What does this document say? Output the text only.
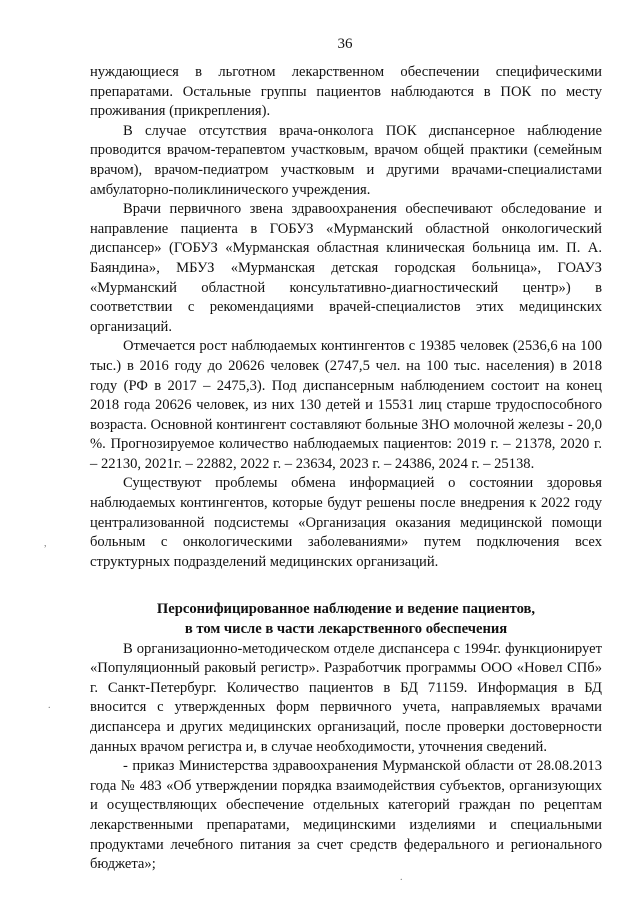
36

нуждающиеся в льготном лекарственном обеспечении специфическими препаратами. Остальные группы пациентов наблюдаются в ПОК по месту проживания (прикрепления).

В случае отсутствия врача-онколога ПОК диспансерное наблюдение проводится врачом-терапевтом участковым, врачом общей практики (семейным врачом), врачом-педиатром участковым и другими врачами-специалистами амбулаторно-поликлинического учреждения.

Врачи первичного звена здравоохранения обеспечивают обследование и направление пациента в ГОБУЗ «Мурманский областной онкологический диспансер» (ГОБУЗ «Мурманская областная клиническая больница им. П. А. Баяндина», МБУЗ «Мурманская детская городская больница», ГОАУЗ «Мурманский областной консультативно-диагностический центр») в соответствии с рекомендациями врачей-специалистов этих медицинских организаций.

Отмечается рост наблюдаемых контингентов с 19385 человек (2536,6 на 100 тыс.) в 2016 году до 20626 человек (2747,5 чел. на 100 тыс. населения) в 2018 году (РФ в 2017 – 2475,3). Под диспансерным наблюдением состоит на конец 2018 года 20626 человек, из них 130 детей и 15531 лиц старше трудоспособного возраста. Основной контингент составляют больные ЗНО молочной железы - 20,0 %. Прогнозируемое количество наблюдаемых пациентов: 2019 г. – 21378, 2020 г. – 22130, 2021г. – 22882, 2022 г. – 23634, 2023 г. – 24386, 2024 г. – 25138.

Существуют проблемы обмена информацией о состоянии здоровья наблюдаемых контингентов, которые будут решены после внедрения к 2022 году централизованной подсистемы «Организация оказания медицинской помощи больным с онкологическими заболеваниями» путем подключения всех структурных подразделений медицинских организаций.

Персонифицированное наблюдение и ведение пациентов,
в том числе в части лекарственного обеспечения

В организационно-методическом отделе диспансера с 1994г. функционирует «Популяционный раковый регистр». Разработчик программы ООО «Новел СПб» г. Санкт-Петербург. Количество пациентов в БД 71159. Информация в БД вносится с утвержденных форм первичного учета, направляемых врачами диспансера и других медицинских организаций, после проверки достоверности данных врачом регистра и, в случае необходимости, уточнения сведений.

- приказ Министерства здравоохранения Мурманской области от 28.08.2013 года № 483 «Об утверждении порядка взаимодействия субъектов, организующих и осуществляющих обеспечение отдельных категорий граждан по рецептам лекарственными препаратами, медицинскими изделиями и специальными продуктами лечебного питания за счет средств федерального и регионального бюджета»;

,
.
.
